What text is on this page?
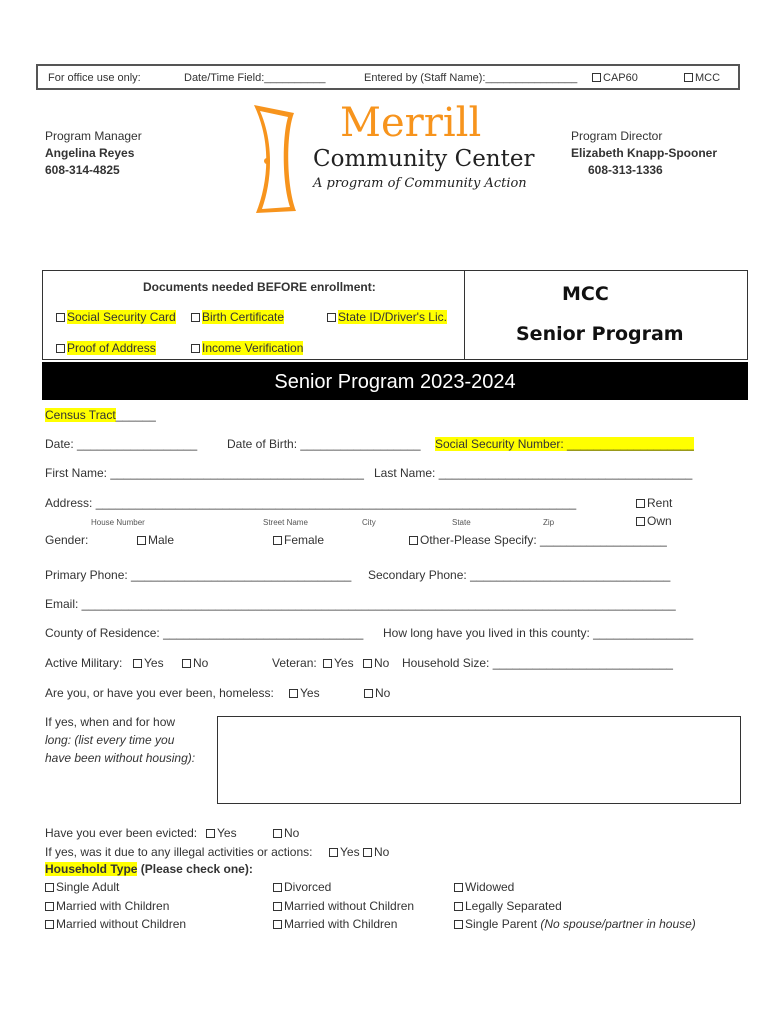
For office use only:	Date/Time Field:__________	Entered by (Staff Name):_______________	CAP60	MCC
Program Manager
Angelina Reyes
608-314-4825
Merrill
Community Center
A program of Community Action
Program Director
Elizabeth Knapp-Spooner
608-313-1336
Documents needed BEFORE enrollment:
Social Security Card	Birth Certificate	State ID/Driver's Lic.
Proof of Address	Income Verification
MCC
Senior Program
Senior Program 2023-2024
Census Tract______
Date: __________________ Date of Birth: __________________ Social Security Number: ___________________
First Name: ______________________________________ Last Name: ______________________________________
Address: ________________________________________________________________________	Rent
Own
House Number	Street Name	City	State	Zip
Gender:	Male	Female	Other-Please Specify: ___________________
Primary Phone: _________________________________ Secondary Phone: ______________________________
Email: _________________________________________________________________________________________
County of Residence: ______________________________ How long have you lived in this county: _______________
Active Military:	Yes	No	Veteran:	Yes	No Household Size: ___________________________
Are you, or have you ever been, homeless:	Yes	No
If yes, when and for how
long: (list every time you
have been without housing):
Have you ever been evicted:	Yes	No
If yes, was it due to any illegal activities or actions:	Yes	No
Household Type (Please check one):
Single Adult	Divorced	Widowed
Married with Children	Married without Children	Legally Separated
Married without Children	Married with Children	Single Parent (No spouse/partner in house)
